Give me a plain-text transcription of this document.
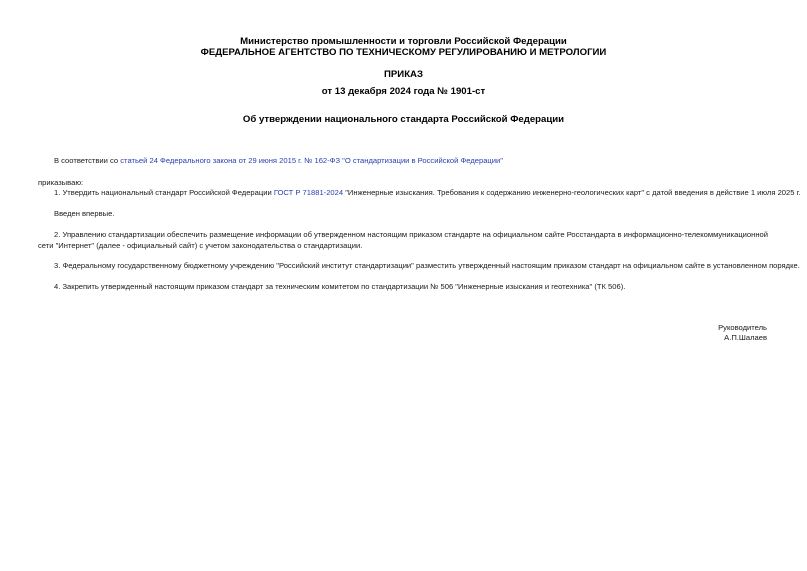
Министерство промышленности и торговли Российской Федерации
ФЕДЕРАЛЬНОЕ АГЕНТСТВО ПО ТЕХНИЧЕСКОМУ РЕГУЛИРОВАНИЮ И МЕТРОЛОГИИ
ПРИКАЗ
от 13 декабря 2024 года № 1901-ст
Об утверждении национального стандарта Российской Федерации
В соответствии со статьей 24 Федерального закона от 29 июня 2015 г. № 162-ФЗ "О стандартизации в Российской Федерации"
приказываю:
1. Утвердить национальный стандарт Российской Федерации ГОСТ Р 71881-2024 "Инженерные изыскания. Требования к содержанию инженерно-геологических карт" с датой введения в действие 1 июля 2025 г.
Введен впервые.
2. Управлению стандартизации обеспечить размещение информации об утвержденном настоящим приказом стандарте на официальном сайте Росстандарта в информационно-телекоммуникационной сети "Интернет" (далее - официальный сайт) с учетом законодательства о стандартизации.
3. Федеральному государственному бюджетному учреждению "Российский институт стандартизации" разместить утвержденный настоящим приказом стандарт на официальном сайте в установленном порядке.
4. Закрепить утвержденный настоящим приказом стандарт за техническим комитетом по стандартизации № 506 "Инженерные изыскания и геотехника" (ТК 506).
Руководитель
А.П.Шалаев
